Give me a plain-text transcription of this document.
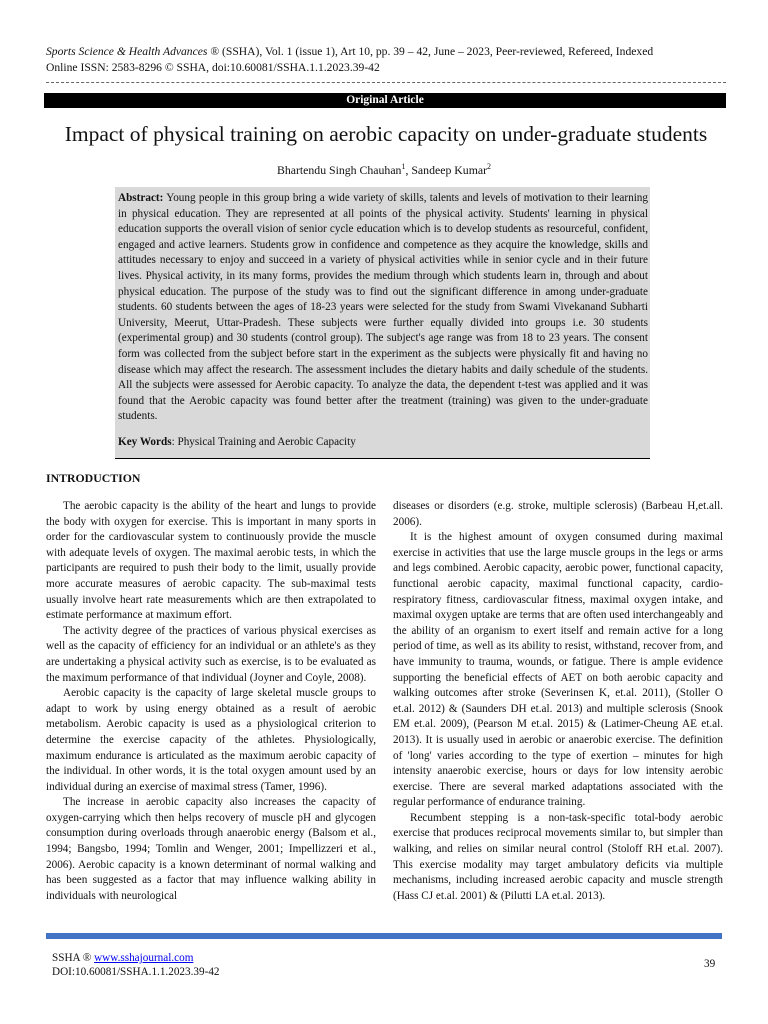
Sports Science & Health Advances ® (SSHA), Vol. 1 (issue 1), Art 10, pp. 39 – 42, June – 2023, Peer-reviewed, Refereed, Indexed
Online ISSN: 2583-8296 © SSHA, doi:10.60081/SSHA.1.1.2023.39-42
Original Article
Impact of physical training on aerobic capacity on under-graduate students
Bhartendu Singh Chauhan$^1$, Sandeep Kumar$^2$

Abstract: Young people in this group bring a wide variety of skills, talents and levels of motivation to their learning in physical education. They are represented at all points of the physical activity. Students' learning in physical education supports the overall vision of senior cycle education which is to develop students as resourceful, confident, engaged and active learners. Students grow in confidence and competence as they acquire the knowledge, skills and attitudes necessary to enjoy and succeed in a variety of physical activities while in senior cycle and in their future lives. Physical activity, in its many forms, provides the medium through which students learn in, through and about physical education. The purpose of the study was to find out the significant difference in among under-graduate students. 60 students between the ages of 18-23 years were selected for the study from Swami Vivekanand Subharti University, Meerut, Uttar-Pradesh. These subjects were further equally divided into groups i.e. 30 students (experimental group) and 30 students (control group). The subject's age range was from 18 to 23 years. The consent form was collected from the subject before start in the experiment as the subjects were physically fit and having no disease which may affect the research. The assessment includes the dietary habits and daily schedule of the students. All the subjects were assessed for Aerobic capacity. To analyze the data, the dependent t-test was applied and it was found that the Aerobic capacity was found better after the treatment (training) was given to the under-graduate students.

Key Words: Physical Training and Aerobic Capacity

INTRODUCTION

The aerobic capacity is the ability of the heart and lungs to provide the body with oxygen for exercise. This is important in many sports in order for the cardiovascular system to continuously provide the muscle with adequate levels of oxygen. The maximal aerobic tests, in which the participants are required to push their body to the limit, usually provide more accurate measures of aerobic capacity. The sub-maximal tests usually involve heart rate measurements which are then extrapolated to estimate performance at maximum effort.

The activity degree of the practices of various physical exercises as well as the capacity of efficiency for an individual or an athlete's as they are undertaking a physical activity such as exercise, is to be evaluated as the maximum performance of that individual (Joyner and Coyle, 2008).

Aerobic capacity is the capacity of large skeletal muscle groups to adapt to work by using energy obtained as a result of aerobic metabolism. Aerobic capacity is used as a physiological criterion to determine the exercise capacity of the athletes. Physiologically, maximum endurance is articulated as the maximum aerobic capacity of the individual. In other words, it is the total oxygen amount used by an individual during an exercise of maximal stress (Tamer, 1996).

The increase in aerobic capacity also increases the capacity of oxygen-carrying which then helps recovery of muscle pH and glycogen consumption during overloads through anaerobic energy (Balsom et al., 1994; Bangsbo, 1994; Tomlin and Wenger, 2001; Impellizzeri et al., 2006). Aerobic capacity is a known determinant of normal walking and has been suggested as a factor that may influence walking ability in individuals with neurological

diseases or disorders (e.g. stroke, multiple sclerosis) (Barbeau H,et.all. 2006).

It is the highest amount of oxygen consumed during maximal exercise in activities that use the large muscle groups in the legs or arms and legs combined. Aerobic capacity, aerobic power, functional capacity, functional aerobic capacity, maximal functional capacity, cardio-respiratory fitness, cardiovascular fitness, maximal oxygen intake, and maximal oxygen uptake are terms that are often used interchangeably and the ability of an organism to exert itself and remain active for a long period of time, as well as its ability to resist, withstand, recover from, and have immunity to trauma, wounds, or fatigue. There is ample evidence supporting the beneficial effects of AET on both aerobic capacity and walking outcomes after stroke (Severinsen K, et.al. 2011), (Stoller O et.al. 2012) & (Saunders DH et.al. 2013) and multiple sclerosis (Snook EM et.al. 2009), (Pearson M et.al. 2015) & (Latimer-Cheung AE et.al. 2013). It is usually used in aerobic or anaerobic exercise. The definition of 'long' varies according to the type of exertion – minutes for high intensity anaerobic exercise, hours or days for low intensity aerobic exercise. There are several marked adaptations associated with the regular performance of endurance training.

Recumbent stepping is a non-task-specific total-body aerobic exercise that produces reciprocal movements similar to, but simpler than walking, and relies on similar neural control (Stoloff RH et.al. 2007). This exercise modality may target ambulatory deficits via multiple mechanisms, including increased aerobic capacity and muscle strength (Hass CJ et.al. 2001) & (Pilutti LA et.al. 2013).

SSHA ® www.sshajournal.com
DOI:10.60081/SSHA.1.1.2023.39-42
39
